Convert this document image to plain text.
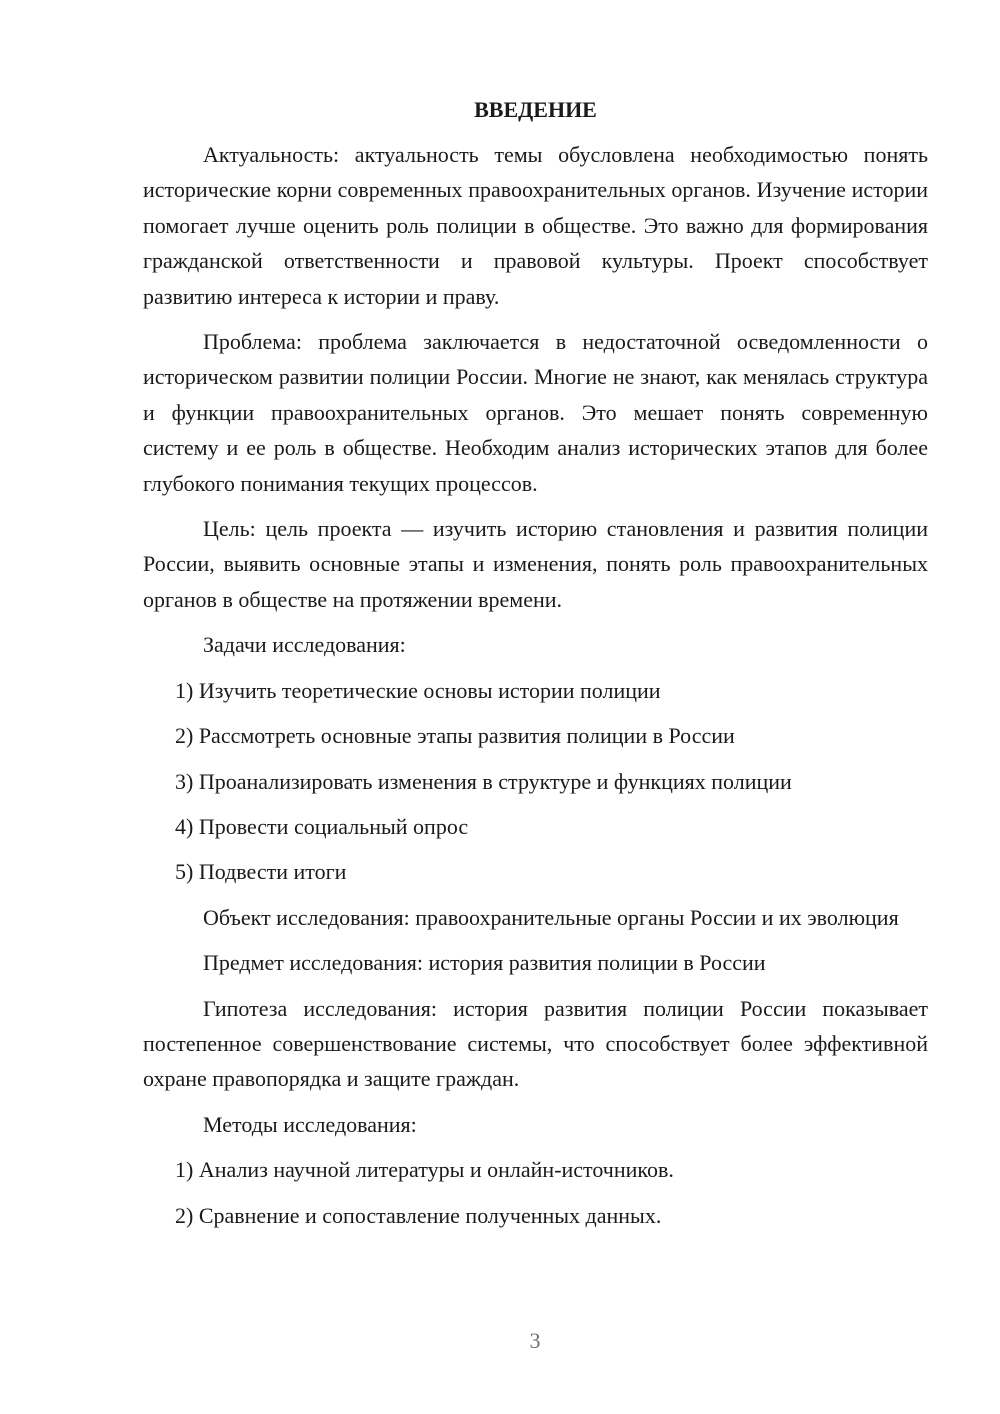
ВВЕДЕНИЕ
Актуальность: актуальность темы обусловлена необходимостью понять исторические корни современных правоохранительных органов. Изучение истории помогает лучше оценить роль полиции в обществе. Это важно для формирования гражданской ответственности и правовой культуры. Проект способствует развитию интереса к истории и праву.
Проблема: проблема заключается в недостаточной осведомленности о историческом развитии полиции России. Многие не знают, как менялась структура и функции правоохранительных органов. Это мешает понять современную систему и ее роль в обществе. Необходим анализ исторических этапов для более глубокого понимания текущих процессов.
Цель: цель проекта — изучить историю становления и развития полиции России, выявить основные этапы и изменения, понять роль правоохранительных органов в обществе на протяжении времени.
Задачи исследования:
1) Изучить теоретические основы истории полиции
2) Рассмотреть основные этапы развития полиции в России
3) Проанализировать изменения в структуре и функциях полиции
4) Провести социальный опрос
5) Подвести итоги
Объект исследования: правоохранительные органы России и их эволюция
Предмет исследования: история развития полиции в России
Гипотеза исследования: история развития полиции России показывает постепенное совершенствование системы, что способствует более эффективной охране правопорядка и защите граждан.
Методы исследования:
1) Анализ научной литературы и онлайн-источников.
2) Сравнение и сопоставление полученных данных.
3
